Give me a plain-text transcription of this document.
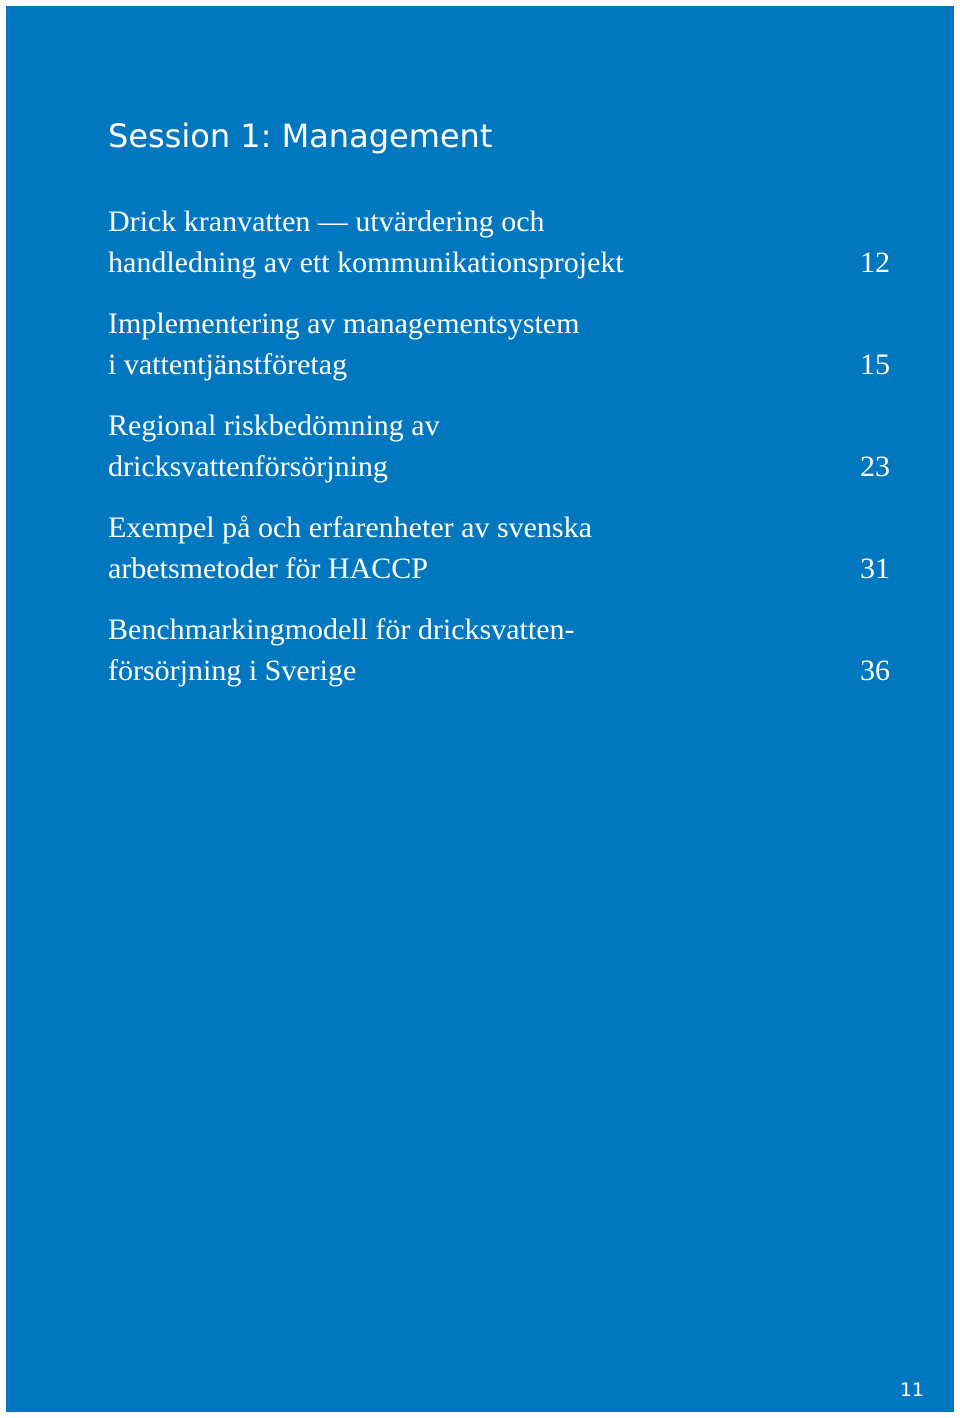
Session 1: Management
Drick kranvatten — utvärdering och
handledning av ett kommunikationsprojekt	12
Implementering av managementsystem
i vattentjänstföretag	15
Regional riskbedömning av
dricksvattenförsörjning	23
Exempel på och erfarenheter av svenska
arbetsmetoder för HACCP	31
Benchmarkingmodell för dricksvatten-
försörjning i Sverige	36
11
